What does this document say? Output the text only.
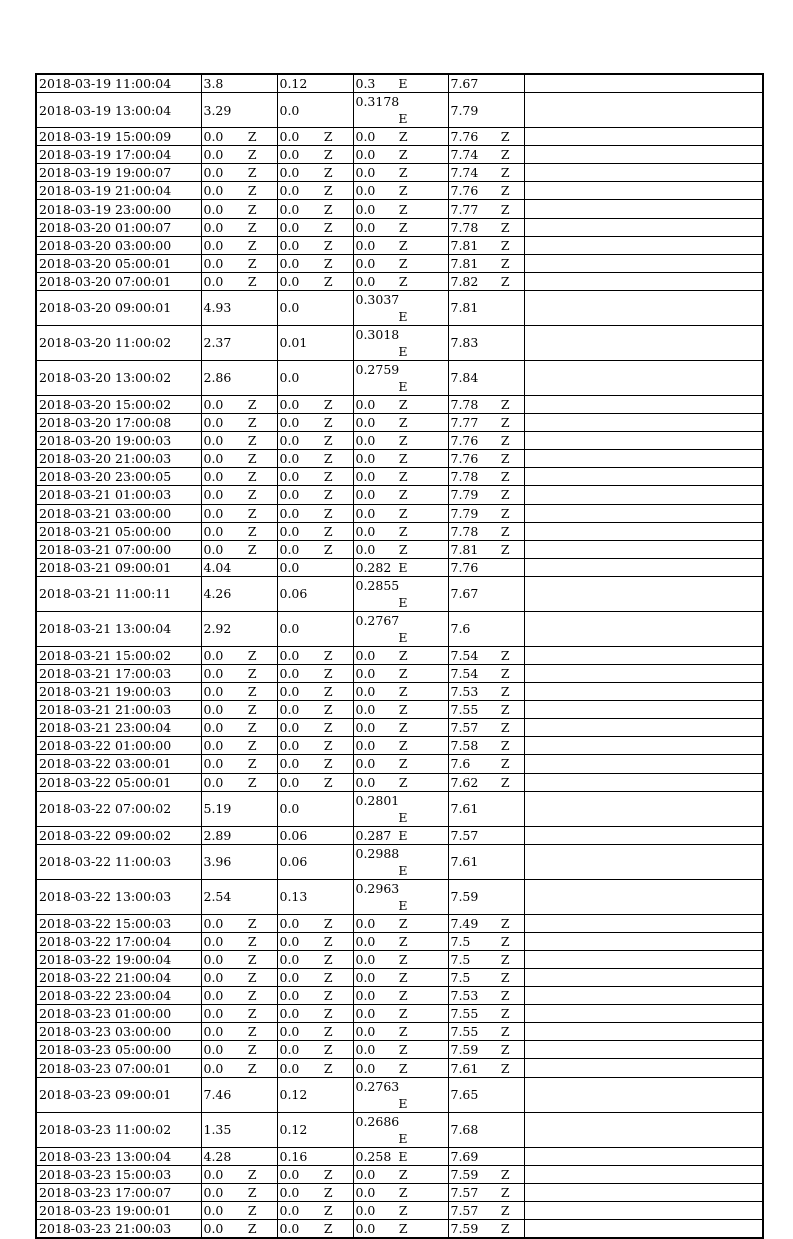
2018-03-19 11:00:04	3.8	0.12	0.3 E	7.67

2018-03-19 13:00:04	3.29	0.0	0.3178
E	7.79

2018-03-19 15:00:09	0.0 Z	0.0 Z	0.0 Z	7.76 Z	

2018-03-19 17:00:04	0.0 Z	0.0 Z	0.0 Z	7.74 Z	

2018-03-19 19:00:07	0.0 Z	0.0 Z	0.0 Z	7.74 Z	

2018-03-19 21:00:04	0.0 Z	0.0 Z	0.0 Z	7.76 Z	

2018-03-19 23:00:00	0.0 Z	0.0 Z	0.0 Z	7.77 Z	

2018-03-20 01:00:07	0.0 Z	0.0 Z	0.0 Z	7.78 Z	

2018-03-20 03:00:00	0.0 Z	0.0 Z	0.0 Z	7.81 Z	

2018-03-20 05:00:01	0.0 Z	0.0 Z	0.0 Z	7.81 Z	

2018-03-20 07:00:01	0.0 Z	0.0 Z	0.0 Z	7.82 Z	

2018-03-20 09:00:01	4.93	0.0	0.3037
E	7.81

2018-03-20 11:00:02	2.37	0.01	0.3018
E	7.83

2018-03-20 13:00:02	2.86	0.0	0.2759
E	7.84

2018-03-20 15:00:02	0.0 Z	0.0 Z	0.0 Z	7.78 Z	

2018-03-20 17:00:08	0.0 Z	0.0 Z	0.0 Z	7.77 Z	

2018-03-20 19:00:03	0.0 Z	0.0 Z	0.0 Z	7.76 Z	

2018-03-20 21:00:03	0.0 Z	0.0 Z	0.0 Z	7.76 Z	

2018-03-20 23:00:05	0.0 Z	0.0 Z	0.0 Z	7.78 Z	

2018-03-21 01:00:03	0.0 Z	0.0 Z	0.0 Z	7.79 Z	

2018-03-21 03:00:00	0.0 Z	0.0 Z	0.0 Z	7.79 Z	

2018-03-21 05:00:00	0.0 Z	0.0 Z	0.0 Z	7.78 Z	

2018-03-21 07:00:00	0.0 Z	0.0 Z	0.0 Z	7.81 Z	

2018-03-21 09:00:01	4.04	0.0	0.282 E	7.76

2018-03-21 11:00:11	4.26	0.06	0.2855
E	7.67

2018-03-21 13:00:04	2.92	0.0	0.2767
E	7.6

2018-03-21 15:00:02	0.0 Z	0.0 Z	0.0 Z	7.54 Z	

2018-03-21 17:00:03	0.0 Z	0.0 Z	0.0 Z	7.54 Z	

2018-03-21 19:00:03	0.0 Z	0.0 Z	0.0 Z	7.53 Z	

2018-03-21 21:00:03	0.0 Z	0.0 Z	0.0 Z	7.55 Z	

2018-03-21 23:00:04	0.0 Z	0.0 Z	0.0 Z	7.57 Z	

2018-03-22 01:00:00	0.0 Z	0.0 Z	0.0 Z	7.58 Z	

2018-03-22 03:00:01	0.0 Z	0.0 Z	0.0 Z	7.6 Z	

2018-03-22 05:00:01	0.0 Z	0.0 Z	0.0 Z	7.62 Z	

2018-03-22 07:00:02	5.19	0.0	0.2801
E	7.61

2018-03-22 09:00:02	2.89	0.06	0.287 E	7.57

2018-03-22 11:00:03	3.96	0.06	0.2988
E	7.61

2018-03-22 13:00:03	2.54	0.13	0.2963
E	7.59

2018-03-22 15:00:03	0.0 Z	0.0 Z	0.0 Z	7.49 Z	

2018-03-22 17:00:04	0.0 Z	0.0 Z	0.0 Z	7.5 Z	

2018-03-22 19:00:04	0.0 Z	0.0 Z	0.0 Z	7.5 Z	

2018-03-22 21:00:04	0.0 Z	0.0 Z	0.0 Z	7.5 Z	

2018-03-22 23:00:04	0.0 Z	0.0 Z	0.0 Z	7.53 Z	

2018-03-23 01:00:00	0.0 Z	0.0 Z	0.0 Z	7.55 Z	

2018-03-23 03:00:00	0.0 Z	0.0 Z	0.0 Z	7.55 Z	

2018-03-23 05:00:00	0.0 Z	0.0 Z	0.0 Z	7.59 Z	

2018-03-23 07:00:01	0.0 Z	0.0 Z	0.0 Z	7.61 Z	

2018-03-23 09:00:01	7.46	0.12	0.2763
E	7.65

2018-03-23 11:00:02	1.35	0.12	0.2686
E	7.68

2018-03-23 13:00:04	4.28	0.16	0.258 E	7.69

2018-03-23 15:00:03	0.0 Z	0.0 Z	0.0 Z	7.59 Z	

2018-03-23 17:00:07	0.0 Z	0.0 Z	0.0 Z	7.57 Z	

2018-03-23 19:00:01	0.0 Z	0.0 Z	0.0 Z	7.57 Z	

2018-03-23 21:00:03	0.0 Z	0.0 Z	0.0 Z	7.59 Z	
